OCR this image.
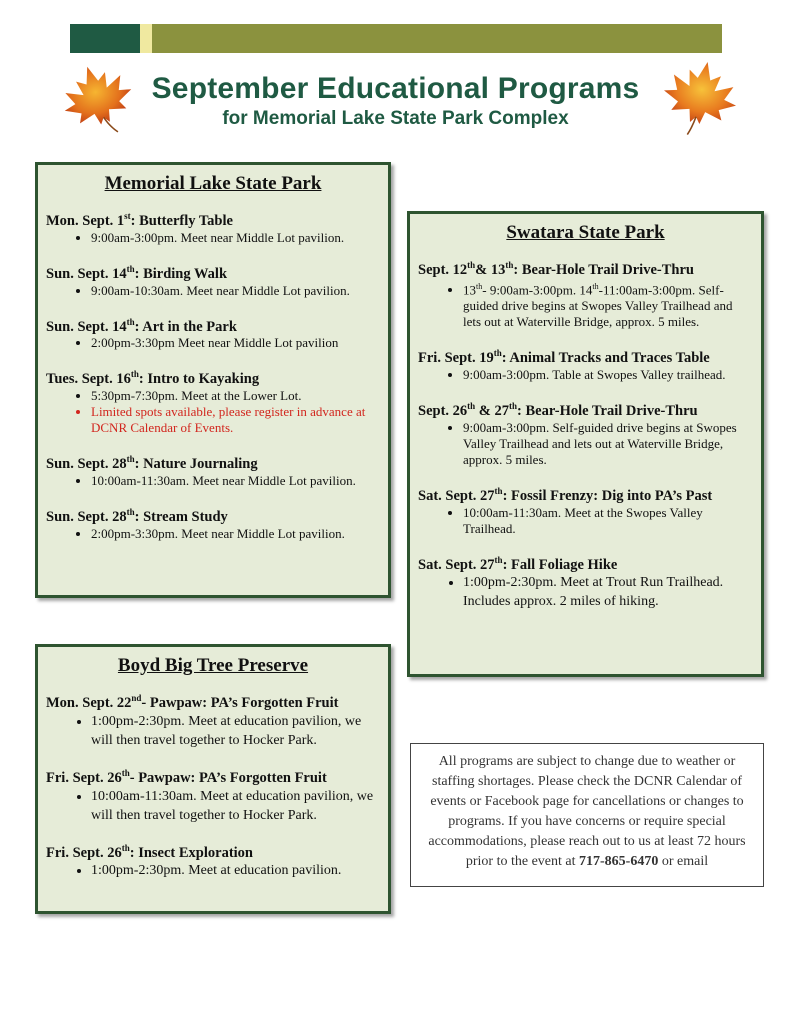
September Educational Programs
for Memorial Lake State Park Complex
Memorial Lake State Park
Mon. Sept. 1st: Butterfly Table
• 9:00am-3:00pm. Meet near Middle Lot pavilion.
Sun. Sept. 14th: Birding Walk
• 9:00am-10:30am. Meet near Middle Lot pavilion.
Sun. Sept. 14th: Art in the Park
• 2:00pm-3:30pm Meet near Middle Lot pavilion
Tues. Sept. 16th: Intro to Kayaking
• 5:30pm-7:30pm. Meet at the Lower Lot.
• Limited spots available, please register in advance at DCNR Calendar of Events.
Sun. Sept. 28th: Nature Journaling
• 10:00am-11:30am. Meet near Middle Lot pavilion.
Sun. Sept. 28th: Stream Study
• 2:00pm-3:30pm. Meet near Middle Lot pavilion.
Swatara State Park
Sept. 12th& 13th: Bear-Hole Trail Drive-Thru
• 13th- 9:00am-3:00pm. 14th-11:00am-3:00pm. Self-guided drive begins at Swopes Valley Trailhead and lets out at Waterville Bridge, approx. 5 miles.
Fri. Sept. 19th: Animal Tracks and Traces Table
• 9:00am-3:00pm. Table at Swopes Valley trailhead.
Sept. 26th & 27th: Bear-Hole Trail Drive-Thru
• 9:00am-3:00pm. Self-guided drive begins at Swopes Valley Trailhead and lets out at Waterville Bridge, approx. 5 miles.
Sat. Sept. 27th: Fossil Frenzy: Dig into PA’s Past
• 10:00am-11:30am. Meet at the Swopes Valley Trailhead.
Sat. Sept. 27th: Fall Foliage Hike
• 1:00pm-2:30pm. Meet at Trout Run Trailhead. Includes approx. 2 miles of hiking.
Boyd Big Tree Preserve
Mon. Sept. 22nd- Pawpaw: PA’s Forgotten Fruit
• 1:00pm-2:30pm. Meet at education pavilion, we will then travel together to Hocker Park.
Fri. Sept. 26th- Pawpaw: PA’s Forgotten Fruit
• 10:00am-11:30am. Meet at education pavilion, we will then travel together to Hocker Park.
Fri. Sept. 26th: Insect Exploration
• 1:00pm-2:30pm. Meet at education pavilion.
All programs are subject to change due to weather or staffing shortages. Please check the DCNR Calendar of events or Facebook page for cancellations or changes to programs. If you have concerns or require special accommodations, please reach out to us at least 72 hours prior to the event at 717-865-6470 or email
